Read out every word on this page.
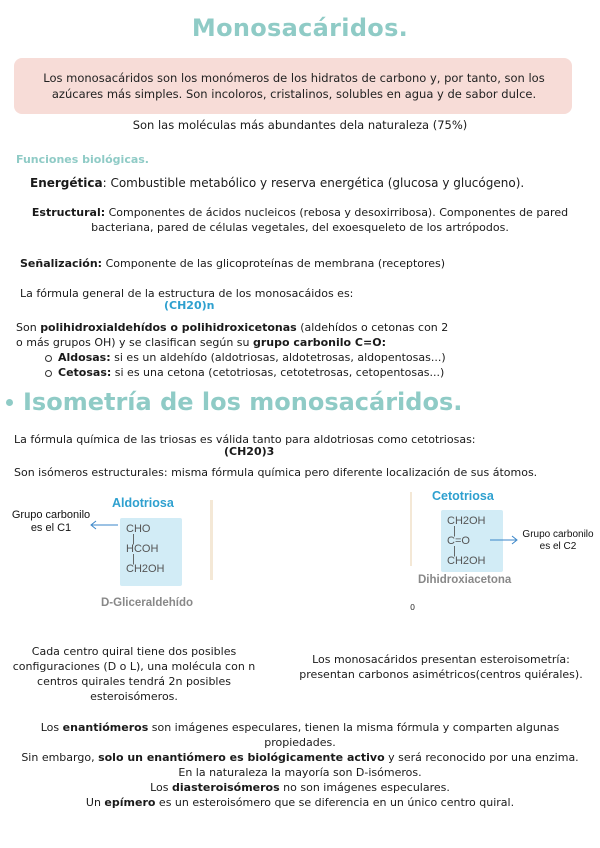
Monosacáridos.
Los monosacáridos son los monómeros de los hidratos de carbono y, por tanto, son los azúcares más simples. Son incoloros, cristalinos, solubles en agua y de sabor dulce.
Son las moléculas más abundantes dela naturaleza (75%)
Funciones biológicas.
Energética: Combustible metabólico y reserva energética (glucosa y glucógeno).
Estructural: Componentes de ácidos nucleicos (rebosa y desoxirribosa). Componentes de pared bacteriana, pared de células vegetales, del exoesqueleto de los artrópodos.
Señalización: Componente de las glicoproteínas de membrana (receptores)
La fórmula general de la estructura de los monosacáidos es:
(CH20)n
Son polihidroxialdehídos o polihidroxicetonas (aldehídos o cetonas con 2 o más grupos OH) y se clasifican según su grupo carbonilo C=O:
Aldosas: si es un aldehído (aldotriosas, aldotetrosas, aldopentosas...)
Cetosas: si es una cetona (cetotriosas, cetotetrosas, cetopentosas...)
Isometría de los monosacáridos.
La fórmula química de las triosas es válida tanto para aldotriosas como cetotriosas:
(CH20)3
Son isómeros estructurales: misma fórmula química pero diferente localización de sus átomos.
Grupo carbonilo es el C1
Aldotriosa
CHO
|
HCOH
|
CH2OH
D-Gliceraldehído
Cetotriosa
CH2OH
|
C=O
|
CH2OH
Grupo carbonilo es el C2
Dihidroxiacetona
0
Cada centro quiral tiene dos posibles configuraciones (D o L), una molécula con n centros quirales tendrá 2n posibles esteroisómeros.
Los monosacáridos presentan esteroisometría: presentan carbonos asimétricos(centros quiérales).
Los enantiómeros son imágenes especulares, tienen la misma fórmula y comparten algunas propiedades.
Sin embargo, solo un enantiómero es biológicamente activo y será reconocido por una enzima.
En la naturaleza la mayoría son D-isómeros.
Los diasteroisómeros no son imágenes especulares.
Un epímero es un esteroisómero que se diferencia en un único centro quiral.
